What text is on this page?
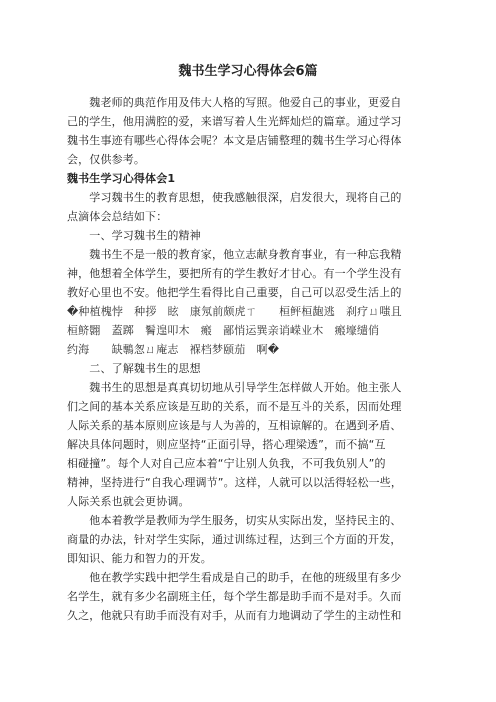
魏书生学习心得体会6篇
　　魏老师的典范作用及伟大人格的写照。他爱自己的事业，更爱自
己的学生，他用满腔的爱，来谱写着人生光辉灿烂的篇章。通过学习
魏书生事迹有哪些心得体会呢？本文是店铺整理的魏书生学习心得体
会，仅供参考。
魏书生学习心得体会1
　　学习魏书生的教育思想，使我感触很深，启发很大，现将自己的
点滴体会总结如下：
　　一、学习魏书生的精神
　　魏书生不是一般的教育家，他立志献身教育事业，有一种忘我精
神，他想着全体学生，要把所有的学生教好才甘心。有一个学生没有
教好心里也不安。他把学生看得比自己重要，自己可以忍受生活上的
�种植槐悖　种拶　眩　康氖前颇虎ㄒ　　桓鲆桓龅逃　刹疗ㄩ嗤且
桓鲚翾　蓋踯　鬌遑叩木　瘢　鄙悄运巽亲诮嵘业木　瘢壕缱俏
约海　　缺鷒怱ㄩ庵志　褓档梦颐茄　啊�
　　二、了解魏书生的思想
　　魏书生的思想是真真切切地从引导学生怎样做人开始。他主张人
们之间的基本关系应该是互助的关系，而不是互斗的关系，因而处理
人际关系的基本原则应该是与人为善的，互相谅解的。在遇到矛盾、
解决具体问题时，则应坚持“正面引导，搭心理梁透”，而不搞“互
相碰撞”。每个人对自己应本着“宁让别人负我，不可我负别人”的
精神，坚持进行“自我心理调节”。这样，人就可以以活得轻松一些，
人际关系也就会更协调。
　　他本着教学是教师为学生服务，切实从实际出发，坚持民主的、
商量的办法，针对学生实际，通过训练过程，达到三个方面的开发，
即知识、能力和智力的开发。
　　他在教学实践中把学生看成是自己的助手，在他的班级里有多少
名学生，就有多少名副班主任，每个学生都是助手而不是对手。久而
久之，他就只有助手而没有对手，从而有力地调动了学生的主动性和
